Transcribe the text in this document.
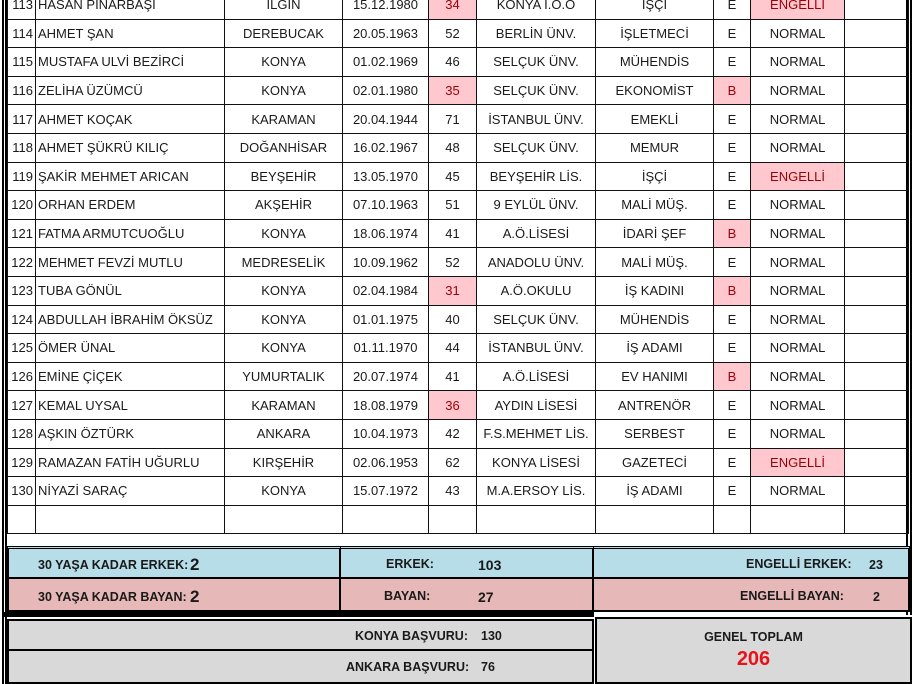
113	HASAN PINARBAŞI	ILGIN	15.12.1980	34	KONYA I.O.O	IŞÇI	E	ENGELLI	
114	AHMET ŞAN	DEREBUCAK	20.05.1963	52	BERLİN ÜNV.	İŞLETMECİ	E	NORMAL	
115	MUSTAFA ULVİ BEZİRCİ	KONYA	01.02.1969	46	SELÇUK ÜNV.	MÜHENDİS	E	NORMAL	
116	ZELİHA ÜZÜMCÜ	KONYA	02.01.1980	35	SELÇUK ÜNV.	EKONOMİST	B	NORMAL	
117	AHMET KOÇAK	KARAMAN	20.04.1944	71	İSTANBUL ÜNV.	EMEKLİ	E	NORMAL	
118	AHMET ŞÜKRÜ KILIÇ	DOĞANHİSAR	16.02.1967	48	SELÇUK ÜNV.	MEMUR	E	NORMAL	
119	ŞAKİR MEHMET ARICAN	BEYŞEHİR	13.05.1970	45	BEYŞEHİR LİS.	İŞÇİ	E	ENGELLİ	
120	ORHAN ERDEM	AKŞEHİR	07.10.1963	51	9 EYLÜL ÜNV.	MALİ MÜŞ.	E	NORMAL	
121	FATMA ARMUTCUOĞLU	KONYA	18.06.1974	41	A.Ö.LİSESİ	İDARİ ŞEF	B	NORMAL	
122	MEHMET FEVZİ MUTLU	MEDRESELİK	10.09.1962	52	ANADOLU ÜNV.	MALİ MÜŞ.	E	NORMAL	
123	TUBA GÖNÜL	KONYA	02.04.1984	31	A.Ö.OKULU	İŞ KADINI	B	NORMAL	
124	ABDULLAH İBRAHİM ÖKSÜZ	KONYA	01.01.1975	40	SELÇUK ÜNV.	MÜHENDİS	E	NORMAL	
125	ÖMER ÜNAL	KONYA	01.11.1970	44	İSTANBUL ÜNV.	İŞ ADAMI	E	NORMAL	
126	EMİNE ÇİÇEK	YUMURTALIK	20.07.1974	41	A.Ö.LİSESİ	EV HANIMI	B	NORMAL	
127	KEMAL UYSAL	KARAMAN	18.08.1979	36	AYDIN LİSESİ	ANTRENÖR	E	NORMAL	
128	AŞKIN ÖZTÜRK	ANKARA	10.04.1973	42	F.S.MEHMET LİS.	SERBEST	E	NORMAL	
129	RAMAZAN FATİH UĞURLU	KIRŞEHİR	02.06.1953	62	KONYA LİSESİ	GAZETECİ	E	ENGELLİ	
130	NİYAZİ SARAÇ	KONYA	15.07.1972	43	M.A.ERSOY LİS.	İŞ ADAMI	E	NORMAL	

30 YAŞA KADAR ERKEK: 2	ERKEK:	103	ENGELLİ ERKEK: 23
30 YAŞA KADAR BAYAN: 2	BAYAN:	27	ENGELLİ BAYAN: 2
KONYA BAŞVURU: 130
ANKARA BAŞVURU: 76
GENEL TOPLAM
206
